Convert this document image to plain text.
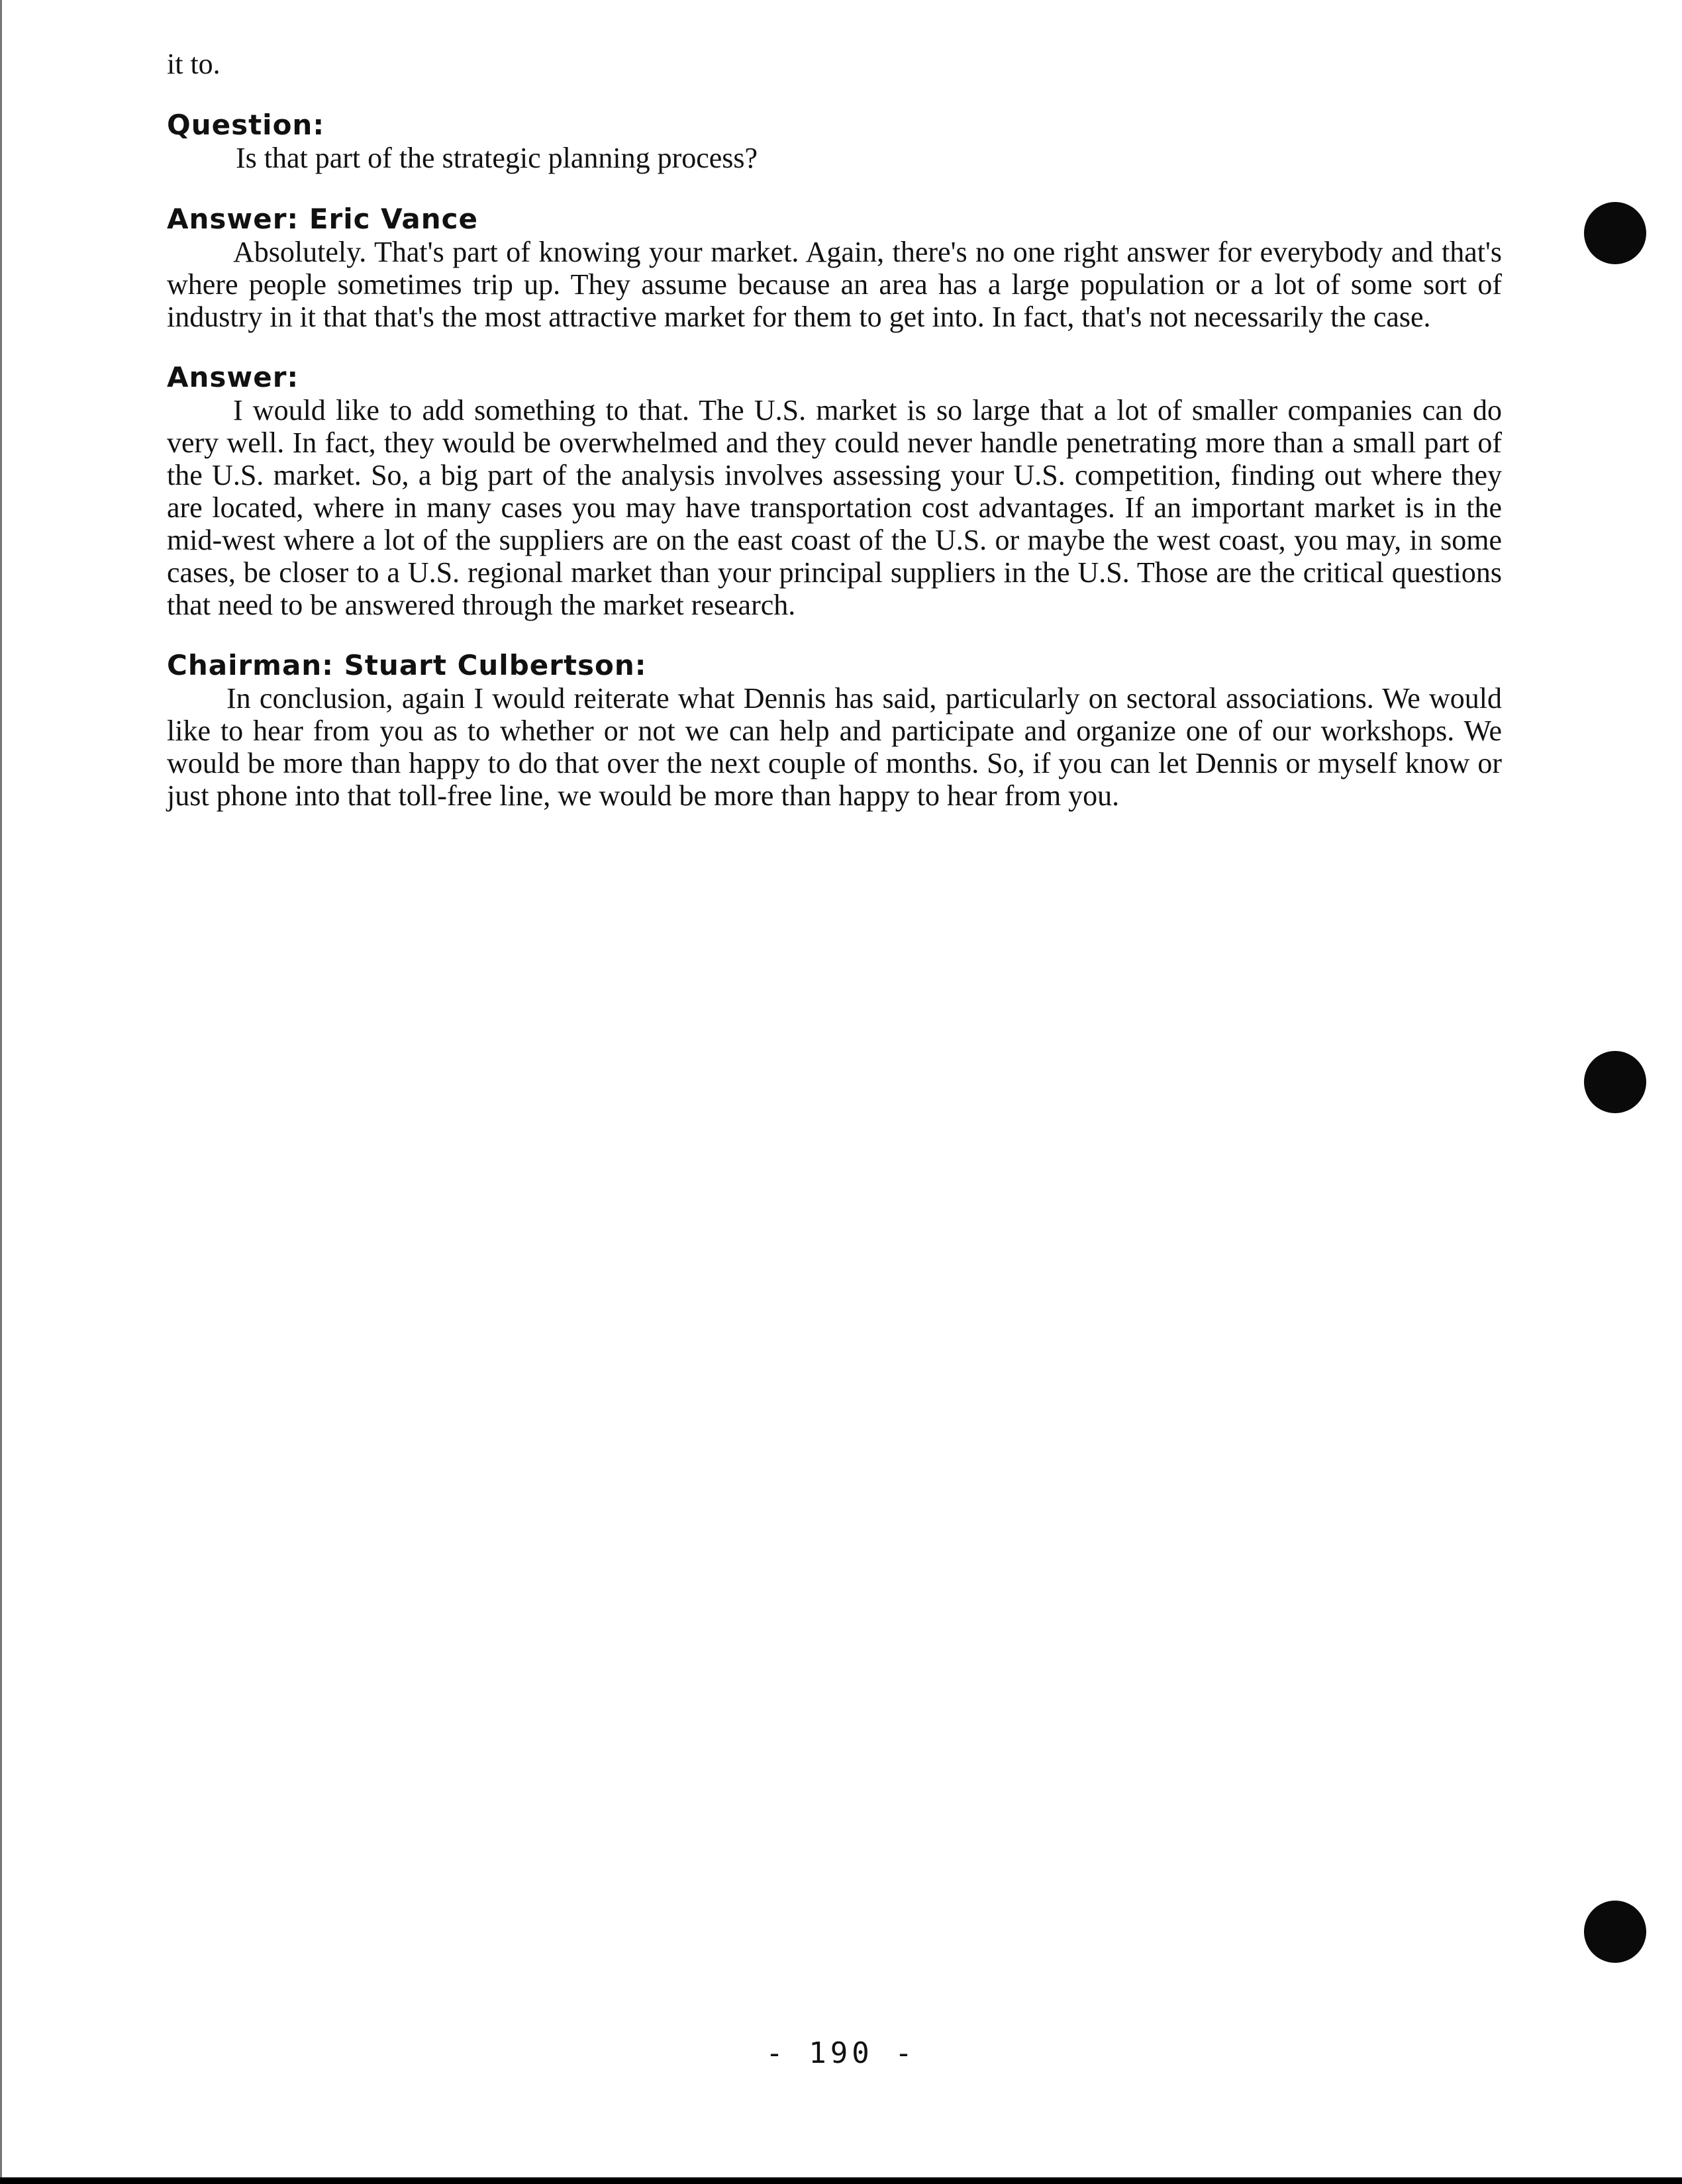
it to.

Question:

Is that part of the strategic planning process?

Answer: Eric Vance

Absolutely. That's part of knowing your market. Again, there's no one right answer for everybody and that's where people sometimes trip up. They assume because an area has a large population or a lot of some sort of industry in it that that's the most attractive market for them to get into. In fact, that's not necessarily the case.

Answer:

I would like to add something to that. The U.S. market is so large that a lot of smaller companies can do very well. In fact, they would be overwhelmed and they could never handle penetrating more than a small part of the U.S. market. So, a big part of the analysis involves assessing your U.S. competition, finding out where they are located, where in many cases you may have transportation cost advantages. If an important market is in the mid-west where a lot of the suppliers are on the east coast of the U.S. or maybe the west coast, you may, in some cases, be closer to a U.S. regional market than your principal suppliers in the U.S. Those are the critical questions that need to be answered through the market research.

Chairman: Stuart Culbertson:

In conclusion, again I would reiterate what Dennis has said, particularly on sectoral associations. We would like to hear from you as to whether or not we can help and participate and organize one of our workshops. We would be more than happy to do that over the next couple of months. So, if you can let Dennis or myself know or just phone into that toll-free line, we would be more than happy to hear from you.

- 190 -
